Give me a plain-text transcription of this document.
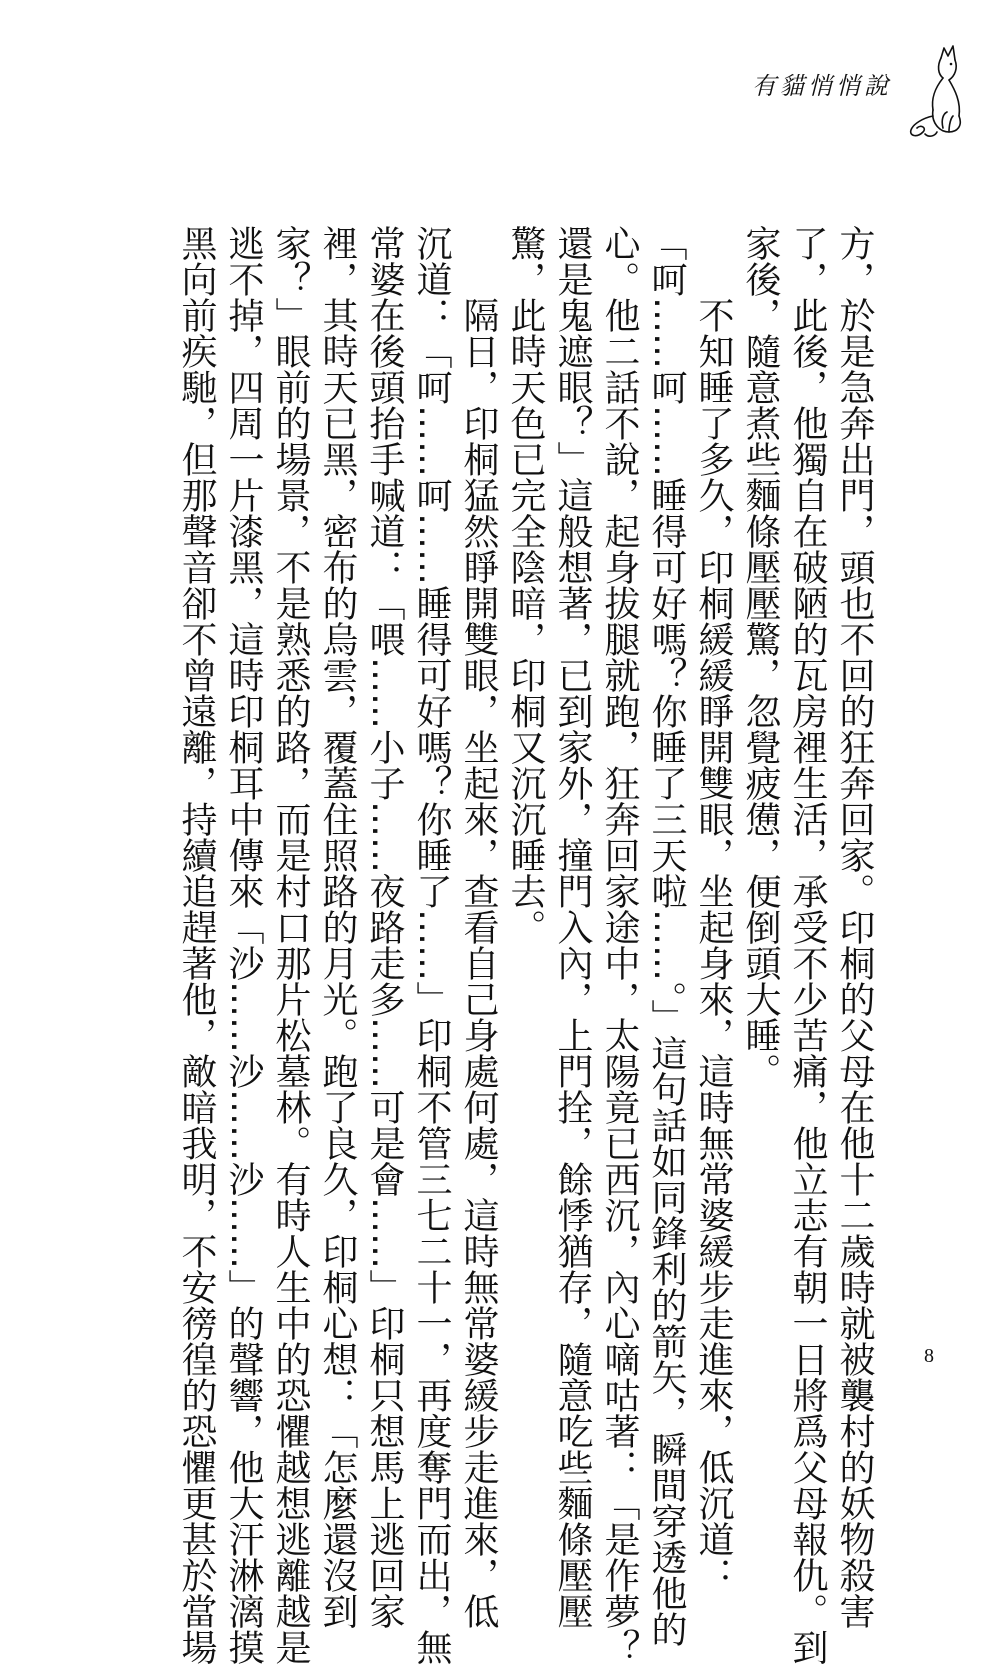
有貓悄悄說

方，於是急奔出門，頭也不回的狂奔回家。印桐的父母在他十二歲時就被襲村的妖物殺害
了，此後，他獨自在破陋的瓦房裡生活，承受不少苦痛，他立志有朝一日將爲父母報仇。到
家後，隨意煮些麵條壓壓驚，忽覺疲憊，便倒頭大睡。

　　不知睡了多久，印桐緩緩睜開雙眼，坐起身來，這時無常婆緩步走進來，低沉道：
「呵……呵……睡得可好嗎？你睡了三天啦……。」這句話如同鋒利的箭矢，瞬間穿透他的
心。他二話不說，起身拔腿就跑，狂奔回家途中，太陽竟已西沉，內心嘀咕著：「是作夢？
還是鬼遮眼？」這般想著，已到家外，撞門入內，上門拴，餘悸猶存，隨意吃些麵條壓壓
驚，此時天色已完全陰暗，印桐又沉沉睡去。

　　隔日，印桐猛然睜開雙眼，坐起來，查看自己身處何處，這時無常婆緩步走進來，低
沉道：「呵……呵……睡得可好嗎？你睡了……」印桐不管三七二十一，再度奪門而出，無
常婆在後頭抬手喊道：「喂……小子……夜路走多……可是會……」印桐只想馬上逃回家
裡，其時天已黑，密布的烏雲，覆蓋住照路的月光。跑了良久，印桐心想：「怎麼還沒到
家？」眼前的場景，不是熟悉的路，而是村口那片松墓林。有時人生中的恐懼越想逃離越是
逃不掉，四周一片漆黑，這時印桐耳中傳來「沙……沙……沙……」的聲響，他大汗淋漓摸
黑向前疾馳，但那聲音卻不曾遠離，持續追趕著他，敵暗我明，不安徬徨的恐懼更甚於當場	8
